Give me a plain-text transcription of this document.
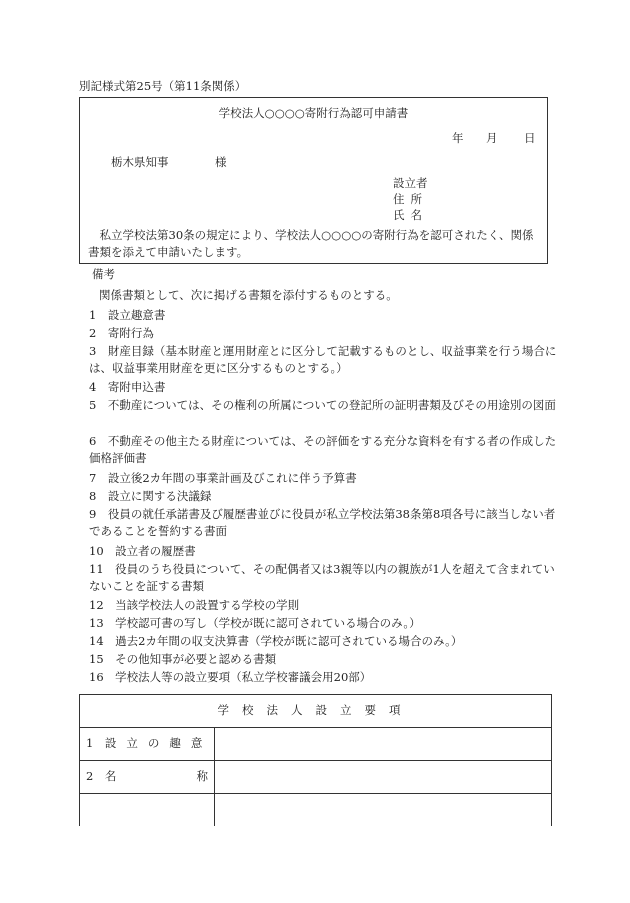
別記様式第25号（第11条関係）
学校法人○○○○寄附行為認可申請書
年 月 日
栃木県知事	様
設立者
住所
氏名
　私立学校法第30条の規定により、学校法人○○○○の寄附行為を認可されたく、関係書類を添えて申請いたします。
備考
関係書類として、次に掲げる書類を添付するものとする。
1　 設立趣意書
2　 寄附行為
3　 財産目録（基本財産と運用財産とに区分して記載するものとし、収益事業を行う場合には、収益事業用財産を更に区分するものとする。）
4　 寄附申込書
5　 不動産については、その権利の所属についての登記所の証明書類及びその用途別の図面
6　 不動産その他主たる財産については、その評価をする充分な資料を有する者の作成した価格評価書
7　 設立後2カ年間の事業計画及びこれに伴う予算書
8　 設立に関する決議録
9　 役員の就任承諾書及び履歴書並びに役員が私立学校法第38条第8項各号に該当しない者であることを誓約する書面
10　 設立者の履歴書
11　 役員のうち役員について、その配偶者又は3親等以内の親族が1人を超えて含まれていないことを証する書類
12　 当該学校法人の設置する学校の学則
13　 学校認可書の写し（学校が既に認可されている場合のみ。）
14　 過去2カ年間の収支決算書（学校が既に認可されている場合のみ。）
15　 その他知事が必要と認める書類
16　 学校法人等の設立要項（私立学校審議会用20部）
学校法人設立要項	
1　 設立の趣意	
2　 名 称	
